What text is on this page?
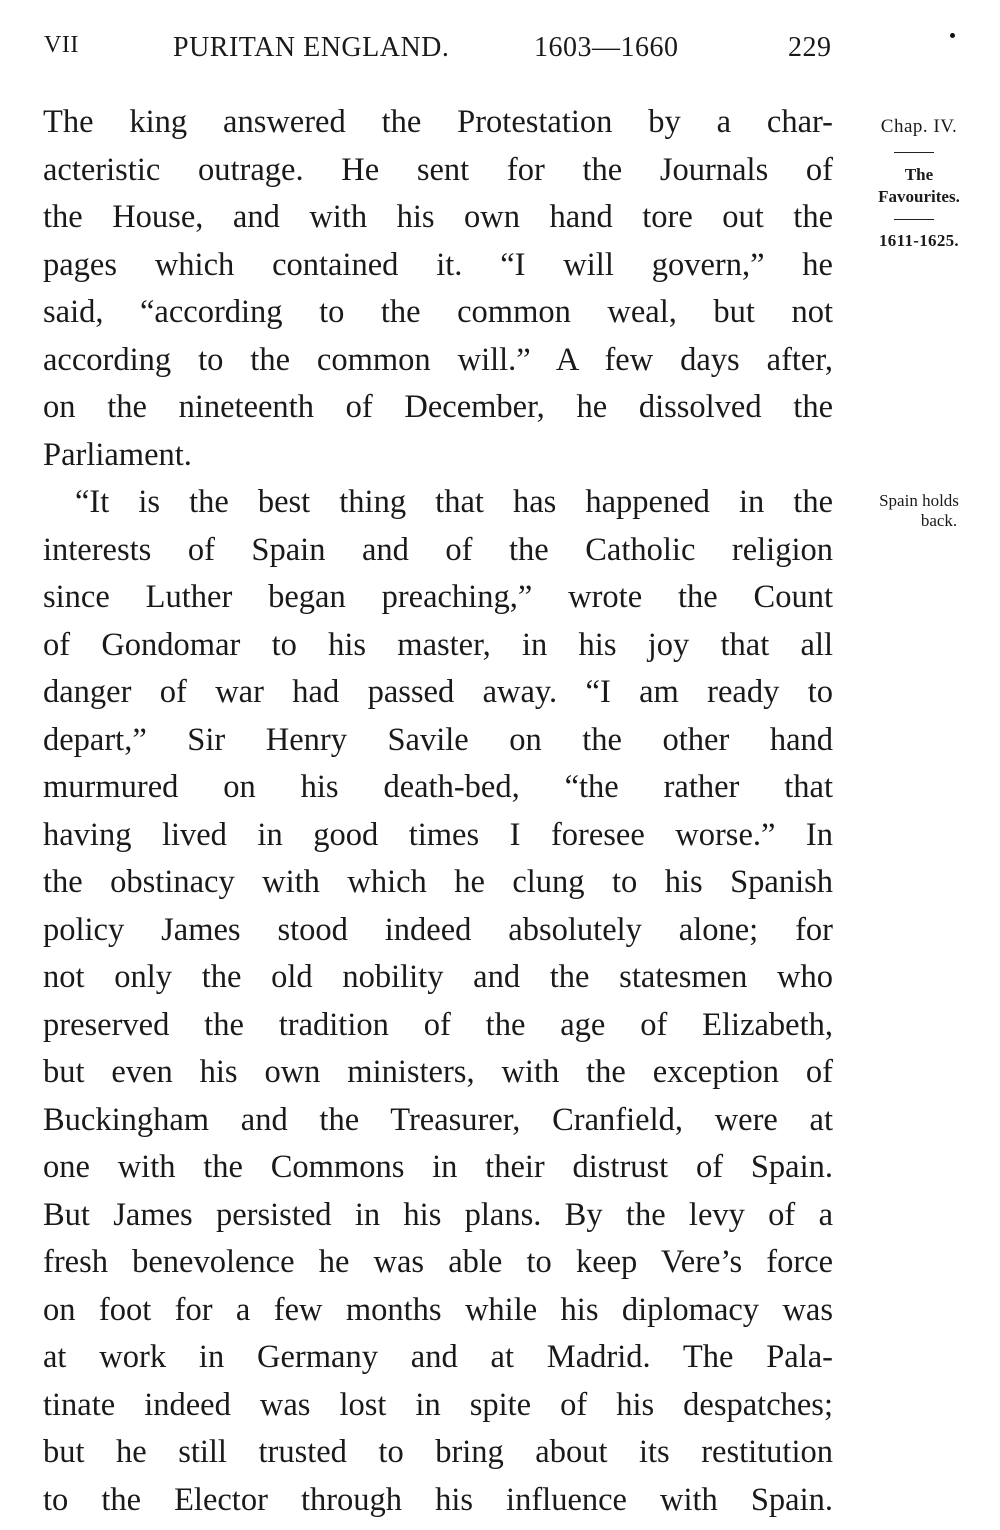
VII	PURITAN ENGLAND.	1603—1660	229
Chap. IV.
The
Favourites.
1611-1625.
Spain holds
back.
The king answered the Protestation by a char-
acteristic outrage. He sent for the Journals of
the House, and with his own hand tore out the
pages which contained it. “I will govern,” he
said, “according to the common weal, but not
according to the common will.” A few days after,
on the nineteenth of December, he dissolved the
Parliament.
“It is the best thing that has happened in the
interests of Spain and of the Catholic religion
since Luther began preaching,” wrote the Count
of Gondomar to his master, in his joy that all
danger of war had passed away. “I am ready to
depart,” Sir Henry Savile on the other hand
murmured on his death-bed, “the rather that
having lived in good times I foresee worse.” In
the obstinacy with which he clung to his Spanish
policy James stood indeed absolutely alone; for
not only the old nobility and the statesmen who
preserved the tradition of the age of Elizabeth,
but even his own ministers, with the exception of
Buckingham and the Treasurer, Cranfield, were at
one with the Commons in their distrust of Spain.
But James persisted in his plans. By the levy of a
fresh benevolence he was able to keep Vere’s force
on foot for a few months while his diplomacy was
at work in Germany and at Madrid. The Pala-
tinate indeed was lost in spite of his despatches;
but he still trusted to bring about its restitution
to the Elector through his influence with Spain.
